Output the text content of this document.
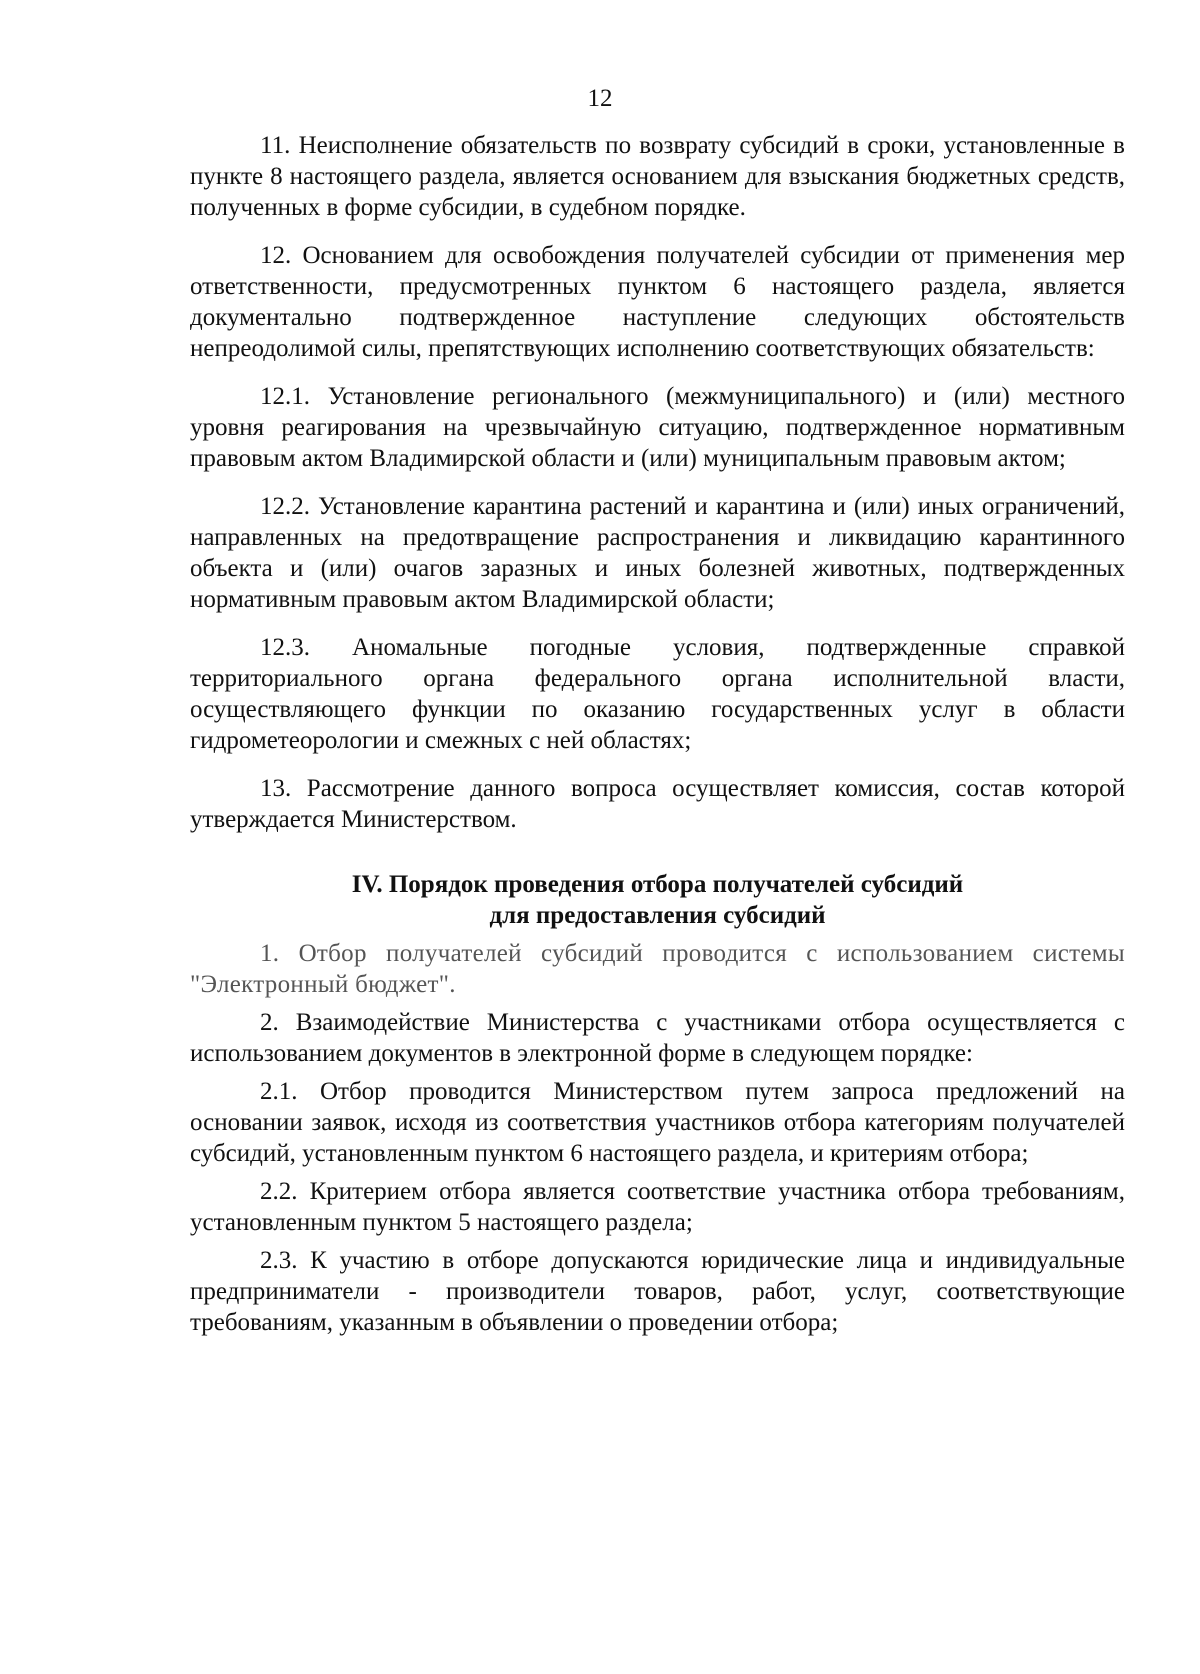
12

11. Неисполнение обязательств по возврату субсидий в сроки, установленные в пункте 8 настоящего раздела, является основанием для взыскания бюджетных средств, полученных в форме субсидии, в судебном порядке.

12. Основанием для освобождения получателей субсидии от применения мер ответственности, предусмотренных пунктом 6 настоящего раздела, является документально подтвержденное наступление следующих обстоятельств непреодолимой силы, препятствующих исполнению соответствующих обязательств:

12.1. Установление регионального (межмуниципального) и (или) местного уровня реагирования на чрезвычайную ситуацию, подтвержденное нормативным правовым актом Владимирской области и (или) муниципальным правовым актом;

12.2. Установление карантина растений и карантина и (или) иных ограничений, направленных на предотвращение распространения и ликвидацию карантинного объекта и (или) очагов заразных и иных болезней животных, подтвержденных нормативным правовым актом Владимирской области;

12.3. Аномальные погодные условия, подтвержденные справкой территориального органа федерального органа исполнительной власти, осуществляющего функции по оказанию государственных услуг в области гидрометеорологии и смежных с ней областях;

13. Рассмотрение данного вопроса осуществляет комиссия, состав которой утверждается Министерством.

IV. Порядок проведения отбора получателей субсидий
для предоставления субсидий

1. Отбор получателей субсидий проводится с использованием системы "Электронный бюджет".

2. Взаимодействие Министерства с участниками отбора осуществляется с использованием документов в электронной форме в следующем порядке:

2.1. Отбор проводится Министерством путем запроса предложений на основании заявок, исходя из соответствия участников отбора категориям получателей субсидий, установленным пунктом 6 настоящего раздела, и критериям отбора;

2.2. Критерием отбора является соответствие участника отбора требованиям, установленным пунктом 5 настоящего раздела;

2.3. К участию в отборе допускаются юридические лица и индивидуальные предприниматели - производители товаров, работ, услуг, соответствующие требованиям, указанным в объявлении о проведении отбора;
